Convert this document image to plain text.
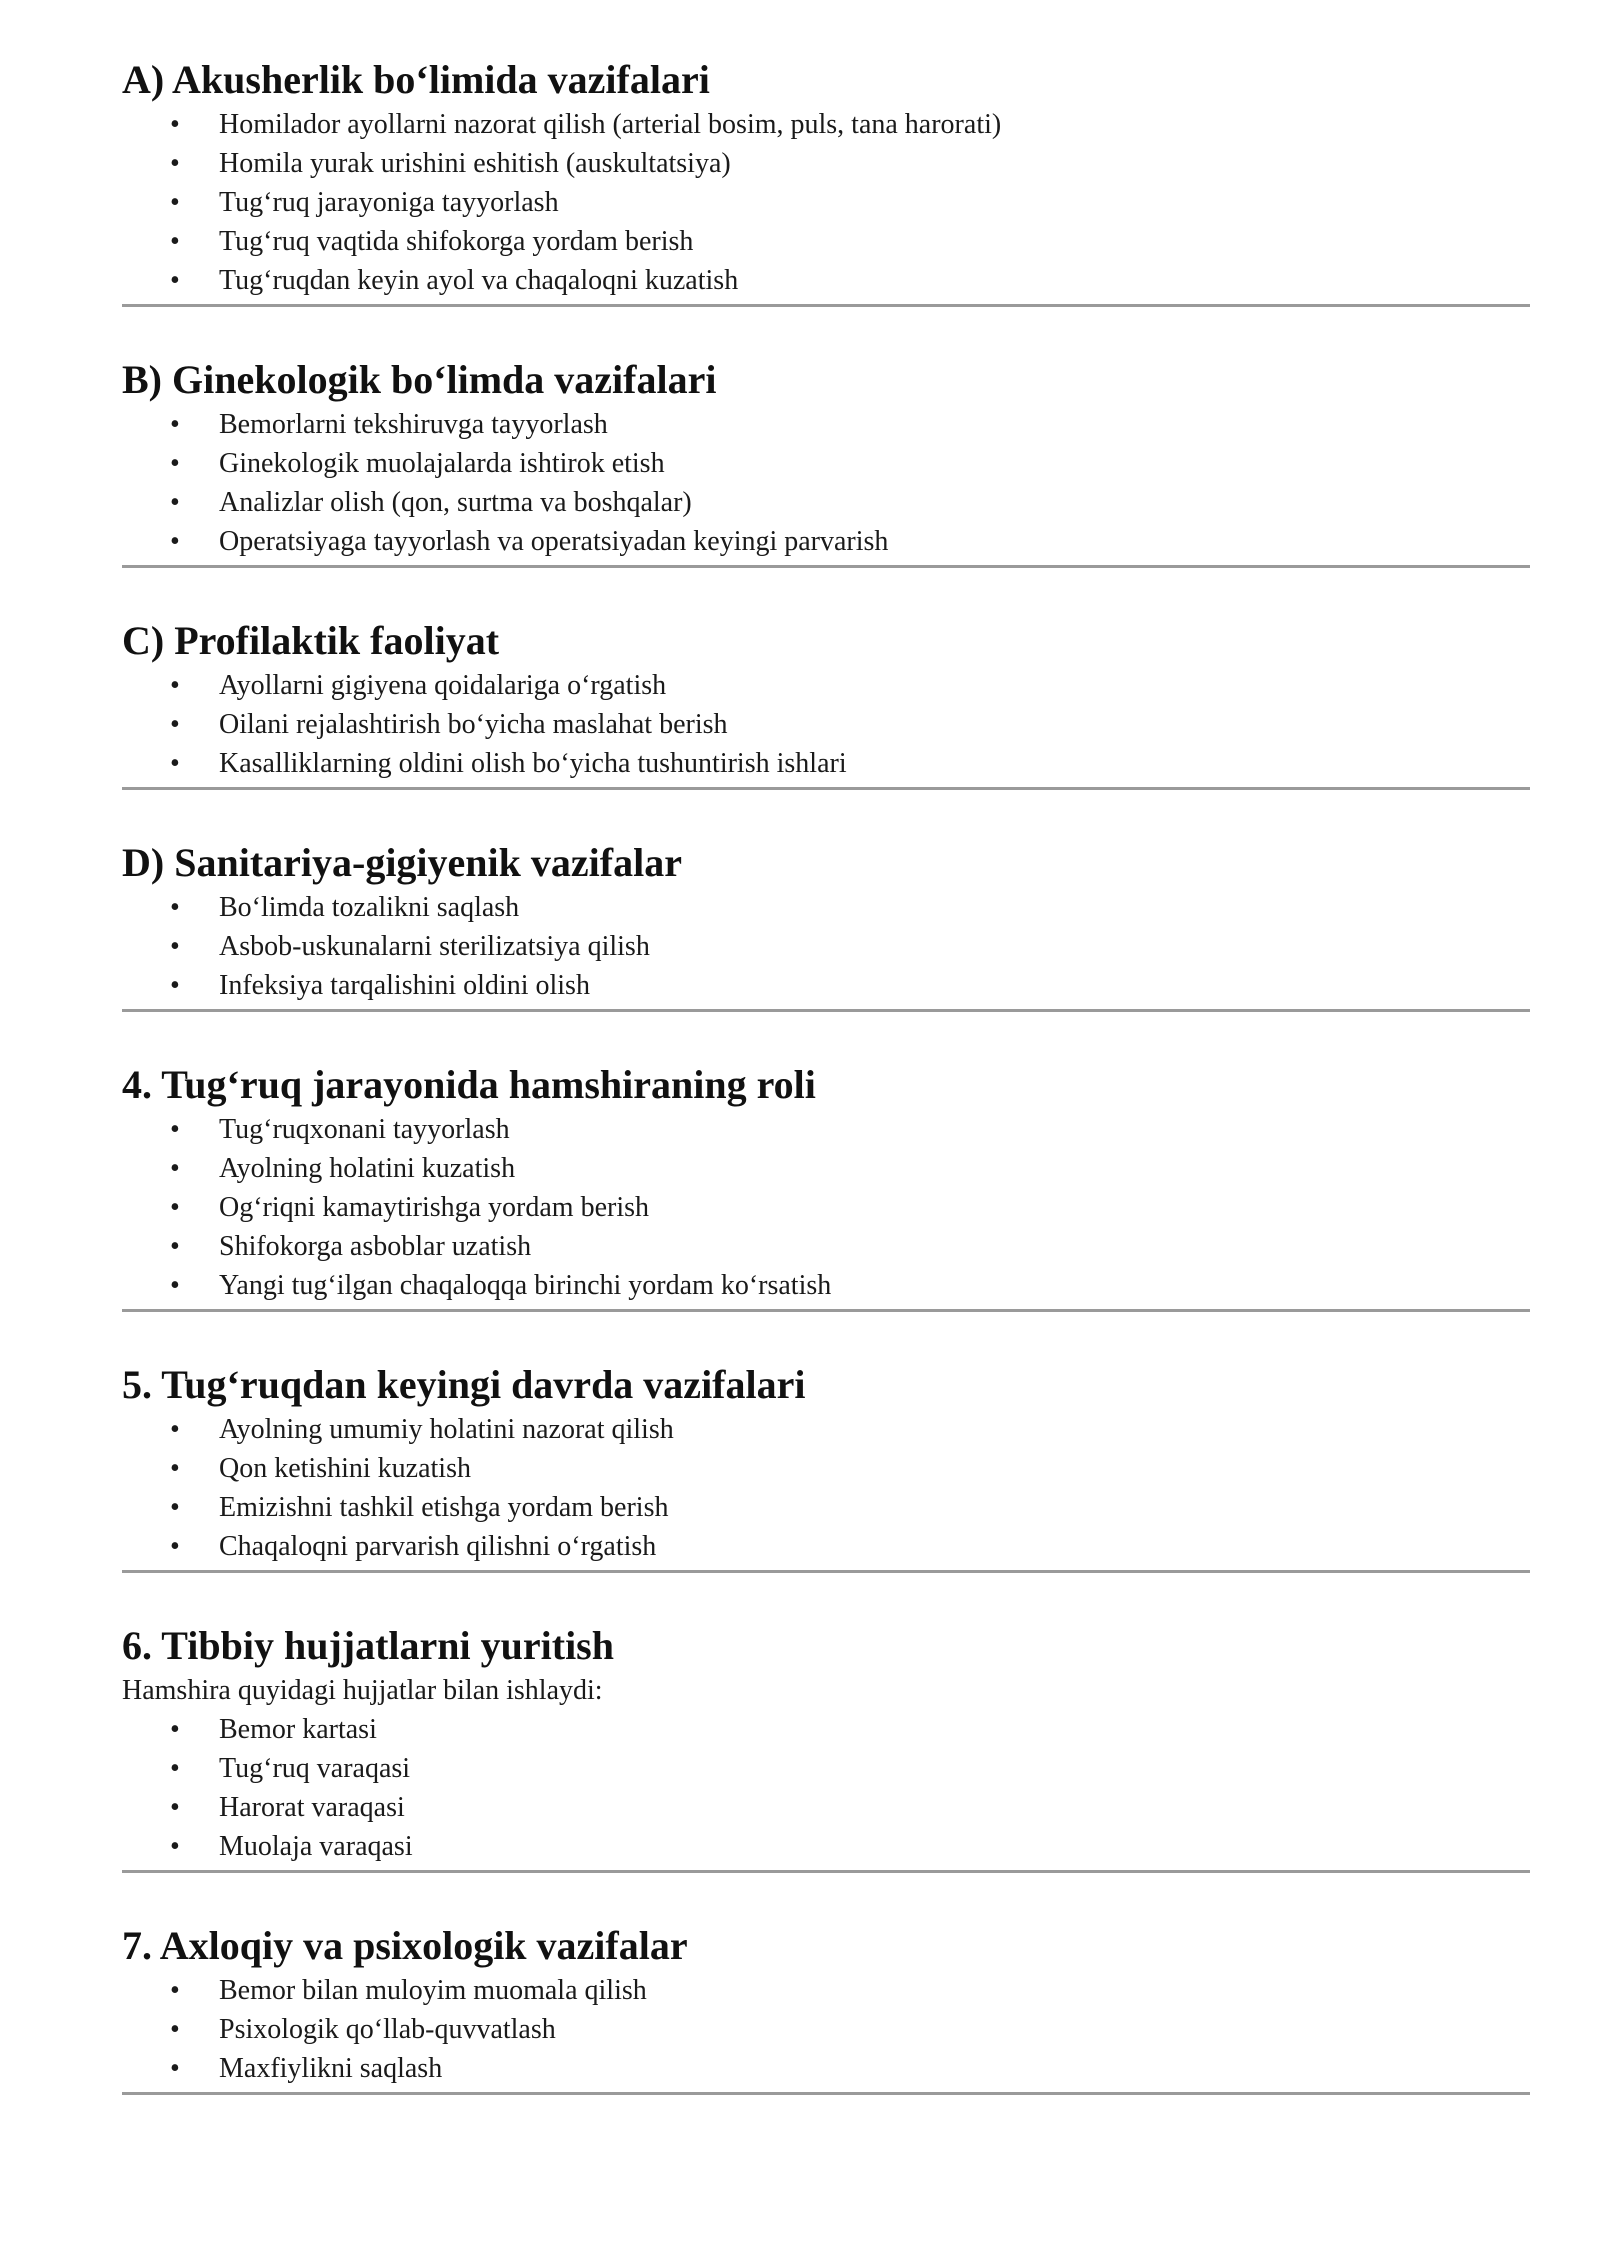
A) Akusherlik bo‘limida vazifalari
•	Homilador ayollarni nazorat qilish (arterial bosim, puls, tana harorati)
•	Homila yurak urishini eshitish (auskultatsiya)
•	Tug‘ruq jarayoniga tayyorlash
•	Tug‘ruq vaqtida shifokorga yordam berish
•	Tug‘ruqdan keyin ayol va chaqaloqni kuzatish
B) Ginekologik bo‘limda vazifalari
•	Bemorlarni tekshiruvga tayyorlash
•	Ginekologik muolajalarda ishtirok etish
•	Analizlar olish (qon, surtma va boshqalar)
•	Operatsiyaga tayyorlash va operatsiyadan keyingi parvarish
C) Profilaktik faoliyat
•	Ayollarni gigiyena qoidalariga o‘rgatish
•	Oilani rejalashtirish bo‘yicha maslahat berish
•	Kasalliklarning oldini olish bo‘yicha tushuntirish ishlari
D) Sanitariya-gigiyenik vazifalar
•	Bo‘limda tozalikni saqlash
•	Asbob-uskunalarni sterilizatsiya qilish
•	Infeksiya tarqalishini oldini olish
4. Tug‘ruq jarayonida hamshiraning roli
•	Tug‘ruqxonani tayyorlash
•	Ayolning holatini kuzatish
•	Og‘riqni kamaytirishga yordam berish
•	Shifokorga asboblar uzatish
•	Yangi tug‘ilgan chaqaloqqa birinchi yordam ko‘rsatish
5. Tug‘ruqdan keyingi davrda vazifalari
•	Ayolning umumiy holatini nazorat qilish
•	Qon ketishini kuzatish
•	Emizishni tashkil etishga yordam berish
•	Chaqaloqni parvarish qilishni o‘rgatish
6. Tibbiy hujjatlarni yuritish

Hamshira quyidagi hujjatlar bilan ishlaydi:

•	Bemor kartasi
•	Tug‘ruq varaqasi
•	Harorat varaqasi
•	Muolaja varaqasi
7. Axloqiy va psixologik vazifalar
•	Bemor bilan muloyim muomala qilish
•	Psixologik qo‘llab-quvvatlash
•	Maxfiylikni saqlash
